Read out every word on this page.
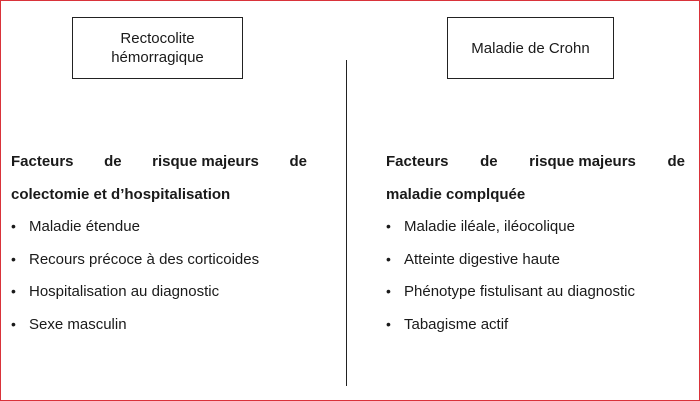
Rectocolite
hémorragique
Facteurs de risque majeurs de
colectomie et d’hospitalisation
• Maladie étendue
• Recours précoce à des corticoides
• Hospitalisation au diagnostic
• Sexe masculin
Maladie de Crohn
Facteurs de risque majeurs de
maladie complquée
• Maladie iléale, iléocolique
• Atteinte digestive haute
• Phénotype fistulisant au diagnostic
• Tabagisme actif
